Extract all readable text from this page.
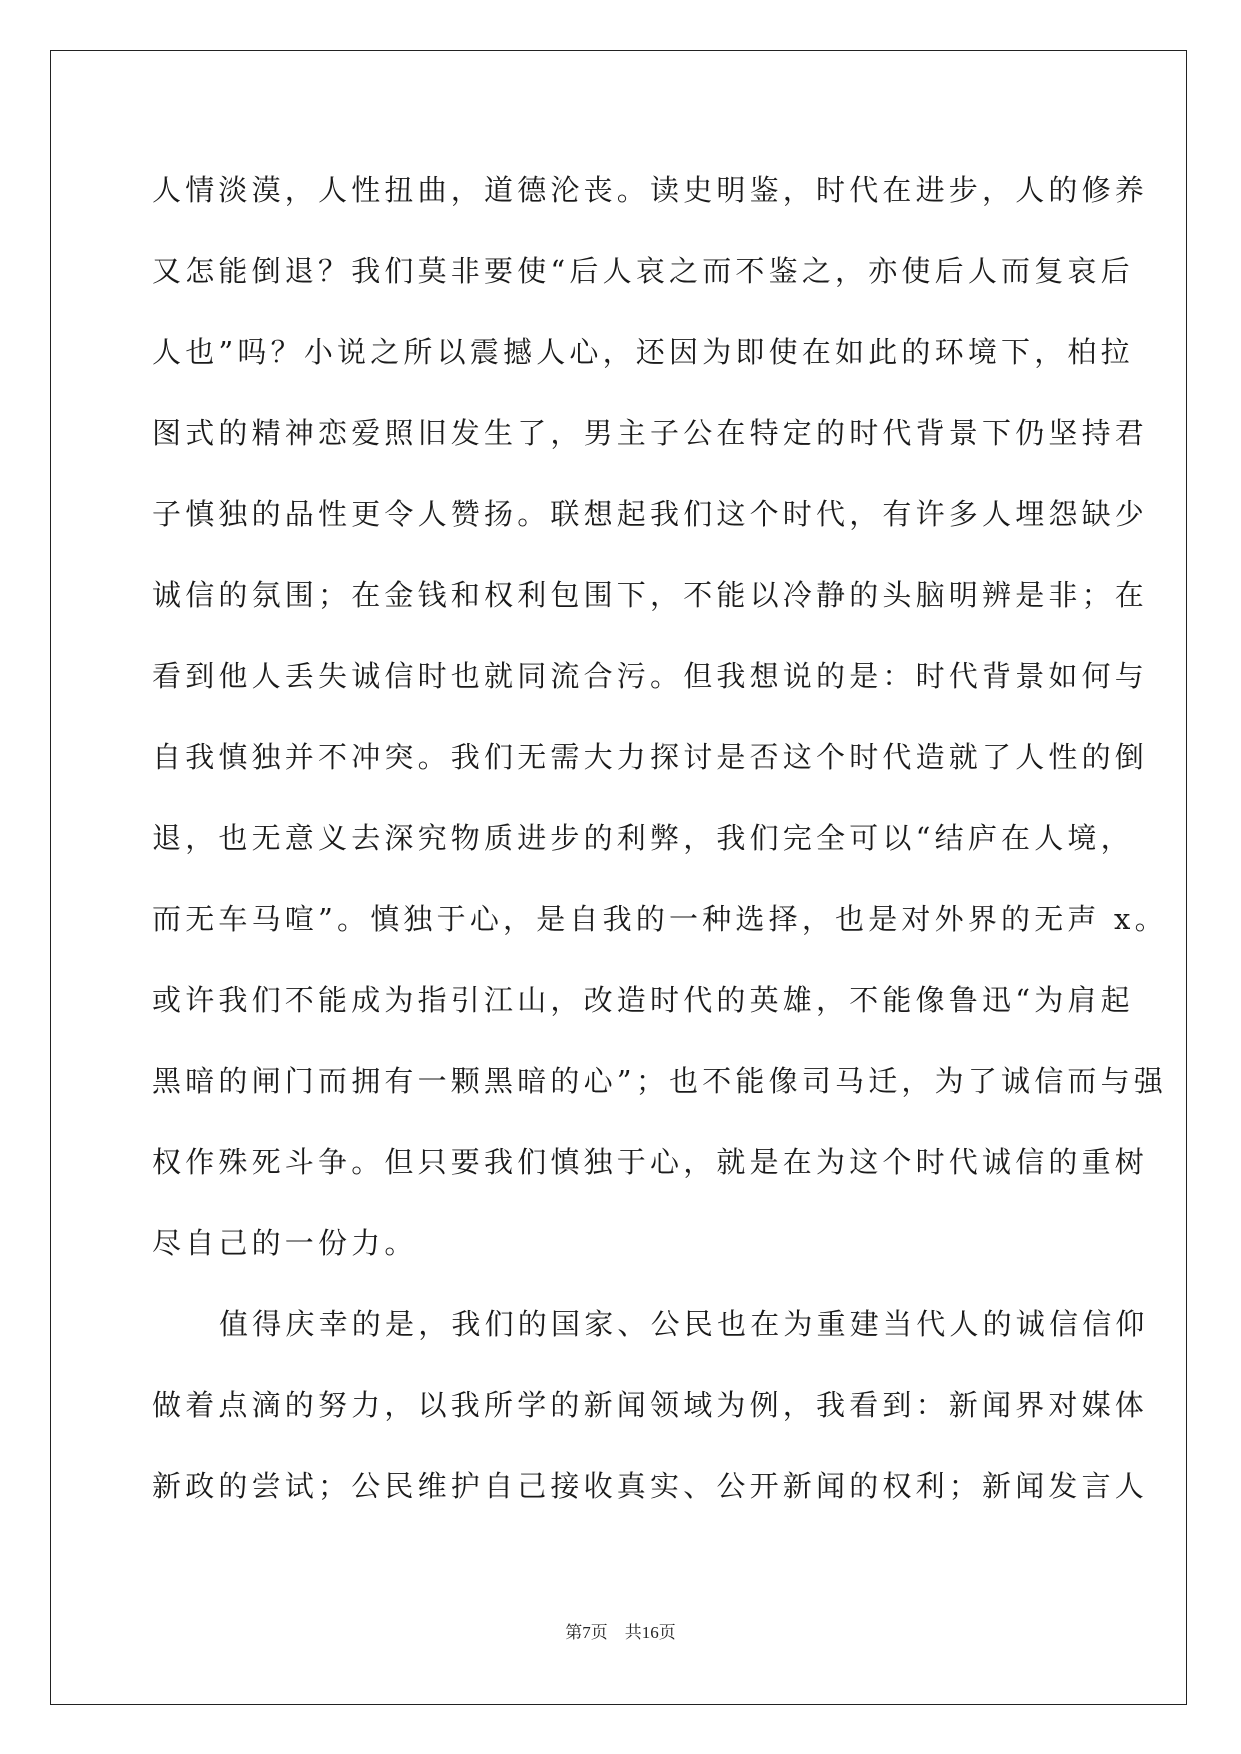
人情淡漠，人性扭曲，道德沦丧。读史明鉴，时代在进步，人的修养
又怎能倒退？我们莫非要使“后人哀之而不鉴之，亦使后人而复哀后
人也”吗？小说之所以震撼人心，还因为即使在如此的环境下，柏拉
图式的精神恋爱照旧发生了，男主子公在特定的时代背景下仍坚持君
子慎独的品性更令人赞扬。联想起我们这个时代，有许多人埋怨缺少
诚信的氛围；在金钱和权利包围下，不能以冷静的头脑明辨是非；在
看到他人丢失诚信时也就同流合污。但我想说的是：时代背景如何与
自我慎独并不冲突。我们无需大力探讨是否这个时代造就了人性的倒
退，也无意义去深究物质进步的利弊，我们完全可以“结庐在人境，
而无车马喧”。慎独于心，是自我的一种选择，也是对外界的无声 x。
或许我们不能成为指引江山，改造时代的英雄，不能像鲁迅“为肩起
黑暗的闸门而拥有一颗黑暗的心”；也不能像司马迁，为了诚信而与强
权作殊死斗争。但只要我们慎独于心，就是在为这个时代诚信的重树
尽自己的一份力。
值得庆幸的是，我们的国家、公民也在为重建当代人的诚信信仰
做着点滴的努力，以我所学的新闻领域为例，我看到：新闻界对媒体
新政的尝试；公民维护自己接收真实、公开新闻的权利；新闻发言人
第7页　共16页
